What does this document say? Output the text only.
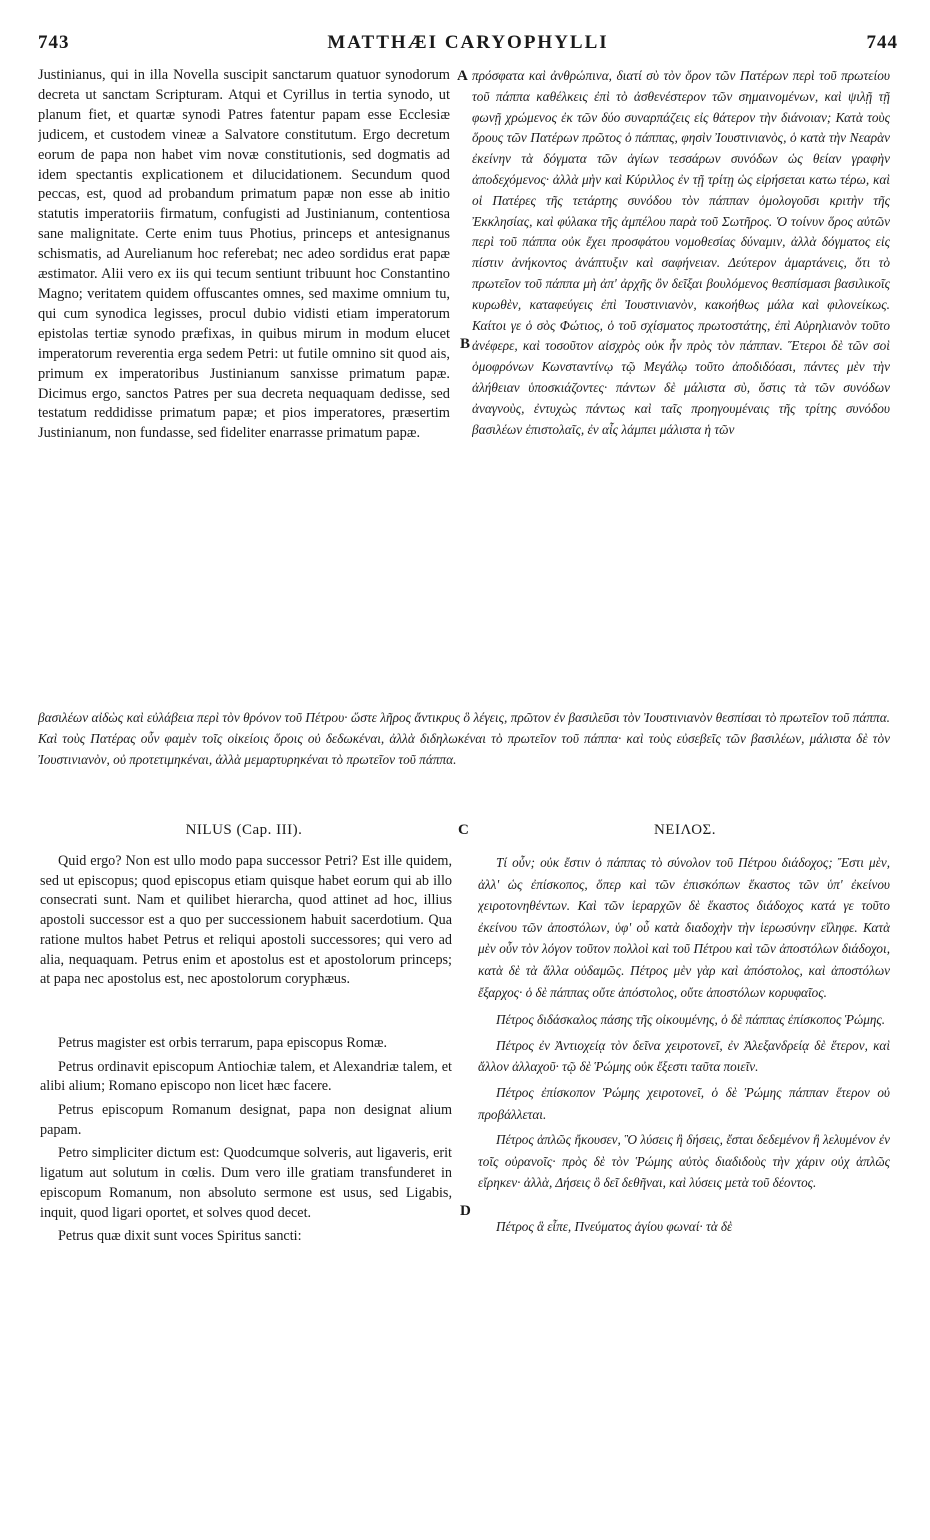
743	MATTHÆI CARYOPHYLLI	744
A
B
C
D

Justinianus, qui in illa Novella suscipit sanctarum quatuor synodorum decreta ut sanctam Scripturam. Atqui et Cyrillus in tertia synodo, ut planum fiet, et quartæ synodi Patres fatentur papam esse Ecclesiæ judicem, et custodem vineæ a Salvatore constitutum. Ergo decretum eorum de papa non habet vim novæ constitutionis, sed dogmatis ad idem spectantis explicationem et dilucidationem. Secundum quod peccas, est, quod ad probandum primatum papæ non esse ab initio statutis imperatoriis firmatum, confugisti ad Justinianum, contentiosa sane malignitate. Certe enim tuus Photius, princeps et antesignanus schismatis, ad Aurelianum hoc referebat; nec adeo sordidus erat papæ æstimator. Alii vero ex iis qui tecum sentiunt tribuunt hoc Constantino Magno; veritatem quidem offuscantes omnes, sed maxime omnium tu, qui cum synodica legisses, procul dubio vidisti etiam imperatorum epistolas tertiæ synodo præfixas, in quibus mirum in modum elucet imperatorum reverentia erga sedem Petri: ut futile omnino sit quod ais, primum ex imperatoribus Justinianum sanxisse primatum papæ. Dicimus ergo, sanctos Patres per sua decreta nequaquam dedisse, sed testatum reddidisse primatum papæ; et pios imperatores, præsertim Justinianum, non fundasse, sed fideliter enarrasse primatum papæ.

πρόσφατα καὶ ἀνθρώπινα, διατί σὺ τὸν ὅρον τῶν Πατέρων περὶ τοῦ πρωτείου τοῦ πάππα καθέλκεις ἐπὶ τὸ ἀσθενέστερον τῶν σημαινομένων, καὶ ψιλῇ τῇ φωνῇ χρώμενος ἐκ τῶν δύο συναρπάζεις εἰς θάτερον τὴν διάνοιαν; Κατὰ τοὺς ὅρους τῶν Πατέρων πρῶτος ὁ πάππας, φησὶν Ἰουστινιανὸς, ὁ κατὰ τὴν Νεαρὰν ἐκείνην τὰ δόγματα τῶν ἁγίων τεσσάρων συνόδων ὡς θείαν γραφὴν ἀποδεχόμενος· ἀλλὰ μὴν καὶ Κύριλλος ἐν τῇ τρίτῃ ὡς εἰρήσεται κατω τέρω, καὶ οἱ Πατέρες τῆς τετάρτης συνόδου τὸν πάππαν ὁμολογοῦσι κριτὴν τῆς Ἐκκλησίας, καὶ φύλακα τῆς ἀμπέλου παρὰ τοῦ Σωτῆρος. Ὁ τοίνυν ὅρος αὐτῶν περὶ τοῦ πάππα οὐκ ἔχει προσφάτου νομοθεσίας δύναμιν, ἀλλὰ δόγματος εἰς πίστιν ἀνήκοντος ἀνάπτυξιν καὶ σαφήνειαν. Δεύτερον ἁμαρτάνεις, ὅτι τὸ πρωτεῖον τοῦ πάππα μὴ ἀπ' ἀρχῆς ὂν δεῖξαι βουλόμενος θεσπίσμασι βασιλικοῖς κυρωθὲν, καταφεύγεις ἐπὶ Ἰουστινιανὸν, κακοήθως μάλα καὶ φιλονείκως. Καίτοι γε ὁ σὸς Φώτιος, ὁ τοῦ σχίσματος πρωτοστάτης, ἐπὶ Αὐρηλιανὸν τοῦτο ἀνέφερε, καὶ τοσοῦτον αἰσχρὸς οὐκ ἦν πρὸς τὸν πάππαν. Ἕτεροι δὲ τῶν σοὶ ὁμοφρόνων Κωνσταντίνῳ τῷ Μεγάλῳ τοῦτο ἀποδιδόασι, πάντες μὲν τὴν ἀλήθειαν ὑποσκιάζοντες· πάντων δὲ μάλιστα σὺ, ὅστις τὰ τῶν συνόδων ἀναγνοὺς, ἐντυχὼς πάντως καὶ ταῖς προηγουμέναις τῆς τρίτης συνόδου βασιλέων ἐπιστολαῖς, ἐν αἷς λάμπει μάλιστα ἡ τῶν

βασιλέων αἰδὼς καὶ εὐλάβεια περὶ τὸν θρόνον τοῦ Πέτρου· ὥστε λῆρος ἄντικρυς ὃ λέγεις, πρῶτον ἐν βασιλεῦσι τὸν Ἰουστινιανὸν θεσπίσαι τὸ πρωτεῖον τοῦ πάππα. Καὶ τοὺς Πατέρας οὖν φαμὲν τοῖς οἰκείοις ὅροις οὐ δεδωκέναι, ἀλλὰ διδηλωκέναι τὸ πρωτεῖον τοῦ πάππα· καὶ τοὺς εὐσεβεῖς τῶν βασιλέων, μάλιστα δὲ τὸν Ἰουστινιανὸν, οὐ προτετιμηκέναι, ἀλλὰ μεμαρτυρηκέναι τὸ πρωτεῖον τοῦ πάππα.

NILUS (Cap. III).	ΝΕΙΛΟΣ.

Quid ergo? Non est ullo modo papa successor Petri? Est ille quidem, sed ut episcopus; quod episcopus etiam quisque habet eorum qui ab illo consecrati sunt. Nam et quilibet hierarcha, quod attinet ad hoc, illius apostoli successor est a quo per successionem habuit sacerdotium. Qua ratione multos habet Petrus et reliqui apostoli successores; qui vero ad alia, nequaquam. Petrus enim et apostolus est et apostolorum princeps; at papa nec apostolus est, nec apostolorum coryphæus.

Petrus magister est orbis terrarum, papa episcopus Romæ.

Petrus ordinavit episcopum Antiochiæ talem, et Alexandriæ talem, et alibi alium; Romano episcopo non licet hæc facere.

Petrus episcopum Romanum designat, papa non designat alium papam.

Petro simpliciter dictum est: Quodcumque solveris, aut ligaveris, erit ligatum aut solutum in cœlis. Dum vero ille gratiam transfunderet in episcopum Romanum, non absoluto sermone est usus, sed Ligabis, inquit, quod ligari oportet, et solves quod decet.

Petrus quæ dixit sunt voces Spiritus sancti:

Τί οὖν; οὐκ ἔστιν ὁ πάππας τὸ σύνολον τοῦ Πέτρου διάδοχος; Ἔστι μὲν, ἀλλ' ὡς ἐπίσκοπος, ὅπερ καὶ τῶν ἐπισκόπων ἕκαστος τῶν ὑπ' ἐκείνου χειροτονηθέντων. Καὶ τῶν ἱεραρχῶν δὲ ἕκαστος διάδοχος κατά γε τοῦτο ἐκείνου τῶν ἀποστόλων, ὑφ' οὗ κατὰ διαδοχὴν τὴν ἱερωσύνην εἴληφε. Κατὰ μὲν οὖν τὸν λόγον τοῦτον πολλοὶ καὶ τοῦ Πέτρου καὶ τῶν ἀποστόλων διάδοχοι, κατὰ δὲ τὰ ἄλλα οὐδαμῶς. Πέτρος μὲν γὰρ καὶ ἀπόστολος, καὶ ἀποστόλων ἔξαρχος· ὁ δὲ πάππας οὔτε ἀπόστολος, οὔτε ἀποστόλων κορυφαῖος.

Πέτρος διδάσκαλος πάσης τῆς οἰκουμένης, ὁ δὲ πάππας ἐπίσκοπος Ῥώμης.

Πέτρος ἐν Ἀντιοχείᾳ τὸν δεῖνα χειροτονεῖ, ἐν Ἀλεξανδρείᾳ δὲ ἕτερον, καὶ ἄλλον ἀλλαχοῦ· τῷ δὲ Ῥώμης οὐκ ἔξεστι ταῦτα ποιεῖν.

Πέτρος ἐπίσκοπον Ῥώμης χειροτονεῖ, ὁ δὲ Ῥώμης πάππαν ἕτερον οὐ προβάλλεται.

Πέτρος ἁπλῶς ἤκουσεν, Ὃ λύσεις ἢ δήσεις, ἔσται δεδεμένον ἢ λελυμένον ἐν τοῖς οὐρανοῖς· πρὸς δὲ τὸν Ῥώμης αὐτὸς διαδιδοὺς τὴν χάριν οὐχ ἁπλῶς εἴρηκεν· ἀλλὰ, Δήσεις ὃ δεῖ δεθῆναι, καὶ λύσεις μετὰ τοῦ δέοντος.

Πέτρος ἃ εἶπε, Πνεύματος ἁγίου φωναί· τὰ δὲ
